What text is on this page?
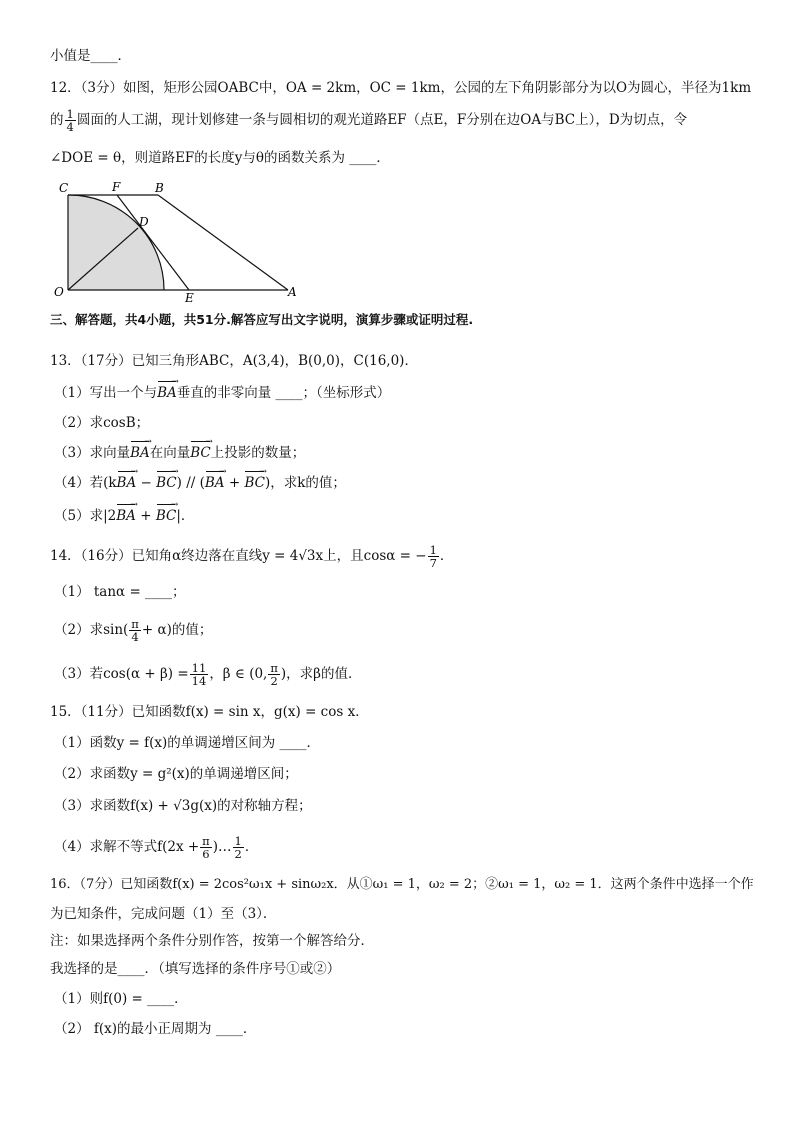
小值是____．
12．（3分）如图，矩形公园OABC中，OA = 2km，OC = 1km，公园的左下角阴影部分为以O为圆心，半径为1km
的 $\frac{1}{4}$ 圆面的人工湖，现计划修建一条与圆相切的观光道路EF（点E，F分别在边OA与BC上），D为切点，令
∠DOE = θ，则道路EF的长度y与θ的函数关系为 ____．
C	F	B
D
O	E	A
三、解答题，共4小题，共51分.解答应写出文字说明，演算步骤或证明过程.
13．（17分）已知三角形ABC，A(3,4)，B(0,0)，C(16,0)．
（1）写出一个与BA →垂直的非零向量 ____；（坐标形式）
（2）求cosB；
（3）求向量BA →在向量BC →上投影的数量；
（4）若(kBA → − BC →) // (BA → + BC →)，求k的值；
（5）求|2BA → + BC →|．
14．（16分）已知角α终边落在直线y = 4√3x上，且cosα = − $\frac{1}{7}$ ．
（1） tanα = ____；
（2）求$\sin( \frac{\pi}{4} + \alpha)$的值；
（3）若$\cos(\alpha + \beta) = \frac{11}{14}$ ，β ∈ (0, $\frac{\pi}{2}$ )，求β的值．
15．（11分）已知函数f(x) = sin x，g(x) = cos x．
（1）函数y = f(x)的单调递增区间为 ____．
（2）求函数y = g²(x)的单调递增区间；
（3）求函数f(x) + √3g(x)的对称轴方程；
（4）求解不等式$f(2x + \frac{\pi}{6}$ )… $\frac{1}{2}$ ．
16．（7分）已知函数f(x) = 2cos²ω₁x + sinω₂x．从①ω₁ = 1，ω₂ = 2；②ω₁ = 1，ω₂ = 1．这两个条件中选择一个作
为已知条件，完成问题（1）至（3）．
注：如果选择两个条件分别作答，按第一个解答给分．
我选择的是____．（填写选择的条件序号①或②）
（1）则f(0) = ____．
（2） f(x)的最小正周期为 ____．
